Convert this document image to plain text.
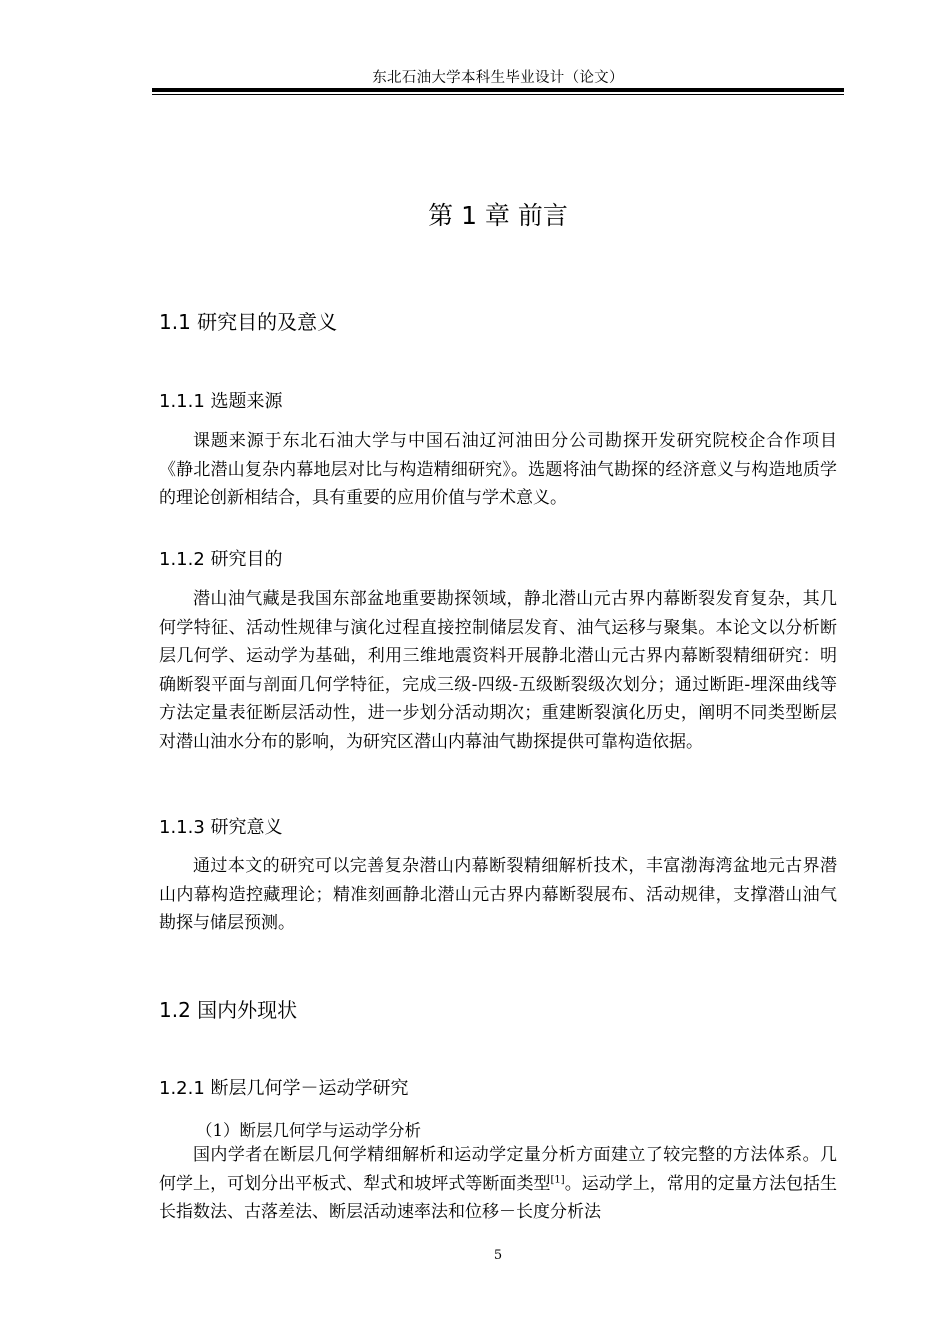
东北石油大学本科生毕业设计（论文）
第 1 章 前言
1.1 研究目的及意义
1.1.1 选题来源
课题来源于东北石油大学与中国石油辽河油田分公司勘探开发研究院校企合作项目《静北潜山复杂内幕地层对比与构造精细研究》。选题将油气勘探的经济意义与构造地质学的理论创新相结合，具有重要的应用价值与学术意义。
1.1.2 研究目的
潜山油气藏是我国东部盆地重要勘探领域，静北潜山元古界内幕断裂发育复杂，其几何学特征、活动性规律与演化过程直接控制储层发育、油气运移与聚集。本论文以分析断层几何学、运动学为基础，利用三维地震资料开展静北潜山元古界内幕断裂精细研究：明确断裂平面与剖面几何学特征，完成三级-四级-五级断裂级次划分；通过断距-埋深曲线等方法定量表征断层活动性，进一步划分活动期次；重建断裂演化历史，阐明不同类型断层对潜山油水分布的影响，为研究区潜山内幕油气勘探提供可靠构造依据。
1.1.3 研究意义
通过本文的研究可以完善复杂潜山内幕断裂精细解析技术，丰富渤海湾盆地元古界潜山内幕构造控藏理论；精准刻画静北潜山元古界内幕断裂展布、活动规律，支撑潜山油气勘探与储层预测。
1.2 国内外现状
1.2.1 断层几何学－运动学研究
（1）断层几何学与运动学分析
国内学者在断层几何学精细解析和运动学定量分析方面建立了较完整的方法体系。几何学上，可划分出平板式、犁式和坡坪式等断面类型[1]。运动学上，常用的定量方法包括生长指数法、古落差法、断层活动速率法和位移－长度分析法
5
